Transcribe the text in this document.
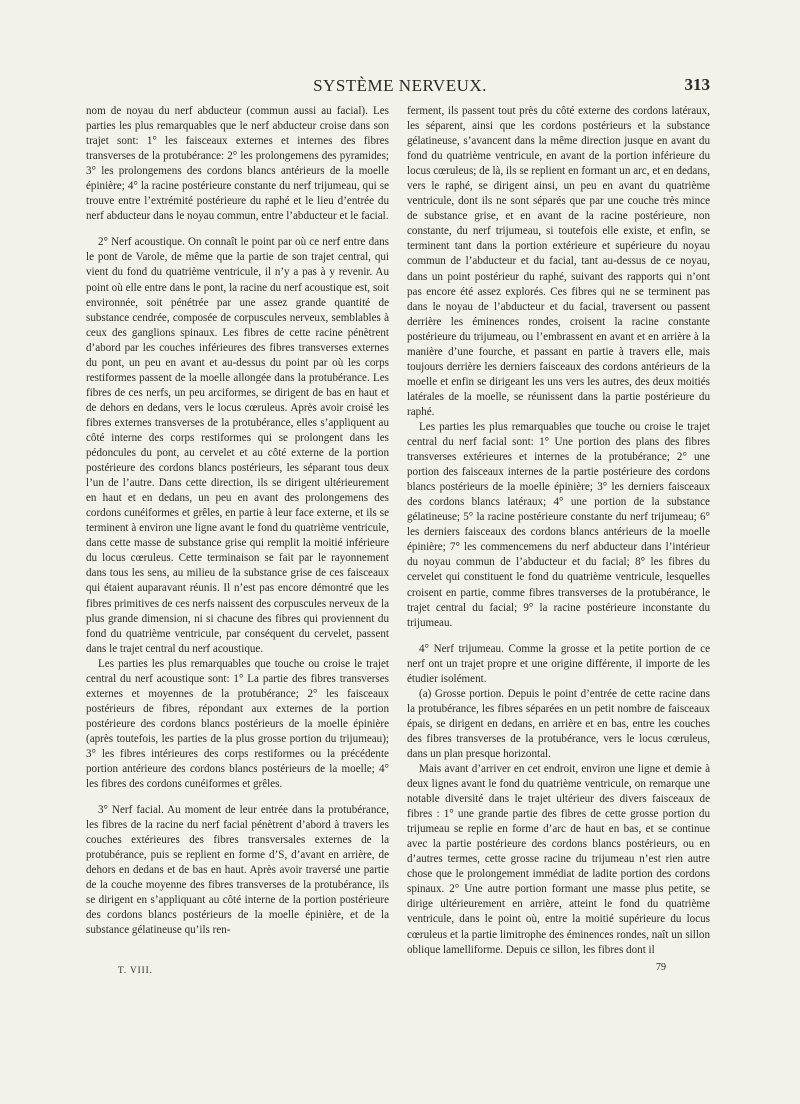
SYSTÈME NERVEUX.	313

nom de noyau du nerf abducteur (commun aussi au facial). Les parties les plus remarquables que le nerf abducteur croise dans son trajet sont: 1° les faisceaux externes et internes des fibres transverses de la protubérance: 2° les prolongemens des pyramides; 3° les prolongemens des cordons blancs antérieurs de la moelle épinière; 4° la racine postérieure constante du nerf trijumeau, qui se trouve entre l’extrémité postérieure du raphé et le lieu d’entrée du nerf abducteur dans le noyau commun, entre l’abducteur et le facial.

2° Nerf acoustique. On connaît le point par où ce nerf entre dans le pont de Varole, de même que la partie de son trajet central, qui vient du fond du quatrième ventricule, il n’y a pas à y revenir. Au point où elle entre dans le pont, la racine du nerf acoustique est, soit environnée, soit pénétrée par une assez grande quantité de substance cendrée, composée de corpuscules nerveux, semblables à ceux des ganglions spinaux. Les fibres de cette racine pénètrent d’abord par les couches inférieures des fibres transverses externes du pont, un peu en avant et au-dessus du point par où les corps restiformes passent de la moelle allongée dans la protubérance. Les fibres de ces nerfs, un peu arciformes, se dirigent de bas en haut et de dehors en dedans, vers le locus cœruleus. Après avoir croisé les fibres externes transverses de la protubérance, elles s’appliquent au côté interne des corps restiformes qui se prolongent dans les pédoncules du pont, au cervelet et au côté externe de la portion postérieure des cordons blancs postérieurs, les séparant tous deux l’un de l’autre. Dans cette direction, ils se dirigent ultérieurement en haut et en dedans, un peu en avant des prolongemens des cordons cunéiformes et grêles, en partie à leur face externe, et ils se terminent à environ une ligne avant le fond du quatrième ventricule, dans cette masse de substance grise qui remplit la moitié inférieure du locus cœruleus. Cette terminaison se fait par le rayonnement dans tous les sens, au milieu de la substance grise de ces faisceaux qui étaient auparavant réunis. Il n’est pas encore démontré que les fibres primitives de ces nerfs naissent des corpuscules nerveux de la plus grande dimension, ni si chacune des fibres qui proviennent du fond du quatrième ventricule, par conséquent du cervelet, passent dans le trajet central du nerf acoustique.

Les parties les plus remarquables que touche ou croise le trajet central du nerf acoustique sont: 1° La partie des fibres transverses externes et moyennes de la protubérance; 2° les faisceaux postérieurs de fibres, répondant aux externes de la portion postérieure des cordons blancs postérieurs de la moelle épinière (après toutefois, les parties de la plus grosse portion du trijumeau); 3° les fibres intérieures des corps restiformes ou la précédente portion antérieure des cordons blancs postérieurs de la moelle; 4° les fibres des cordons cunéiformes et grêles.

3° Nerf facial. Au moment de leur entrée dans la protubérance, les fibres de la racine du nerf facial pénètrent d’abord à travers les couches extérieures des fibres transversales externes de la protubérance, puis se replient en forme d’S, d’avant en arrière, de dehors en dedans et de bas en haut. Après avoir traversé une partie de la couche moyenne des fibres transverses de la protubérance, ils se dirigent en s’appliquant au côté interne de la portion postérieure des cordons blancs postérieurs de la moelle épinière, et de la substance gélatineuse qu’ils ren-

ferment, ils passent tout près du côté externe des cordons latéraux, les séparent, ainsi que les cordons postérieurs et la substance gélatineuse, s’avancent dans la même direction jusque en avant du fond du quatrième ventricule, en avant de la portion inférieure du locus cœruleus; de là, ils se replient en formant un arc, et en dedans, vers le raphé, se dirigent ainsi, un peu en avant du quatrième ventricule, dont ils ne sont séparés que par une couche très mince de substance grise, et en avant de la racine postérieure, non constante, du nerf trijumeau, si toutefois elle existe, et enfin, se terminent tant dans la portion extérieure et supérieure du noyau commun de l’abducteur et du facial, tant au-dessus de ce noyau, dans un point postérieur du raphé, suivant des rapports qui n’ont pas encore été assez explorés. Ces fibres qui ne se terminent pas dans le noyau de l’abducteur et du facial, traversent ou passent derrière les éminences rondes, croisent la racine constante postérieure du trijumeau, ou l’embrassent en avant et en arrière à la manière d’une fourche, et passant en partie à travers elle, mais toujours derrière les derniers faisceaux des cordons antérieurs de la moelle et enfin se dirigeant les uns vers les autres, des deux moitiés latérales de la moelle, se réunissent dans la partie postérieure du raphé.

Les parties les plus remarquables que touche ou croise le trajet central du nerf facial sont: 1° Une portion des plans des fibres transverses extérieures et internes de la protubérance; 2° une portion des faisceaux internes de la partie postérieure des cordons blancs postérieurs de la moelle épinière; 3° les derniers faisceaux des cordons blancs latéraux; 4° une portion de la substance gélatineuse; 5° la racine postérieure constante du nerf trijumeau; 6° les derniers faisceaux des cordons blancs antérieurs de la moelle épinière; 7° les commencemens du nerf abducteur dans l’intérieur du noyau commun de l’abducteur et du facial; 8° les fibres du cervelet qui constituent le fond du quatrième ventricule, lesquelles croisent en partie, comme fibres transverses de la protubérance, le trajet central du facial; 9° la racine postérieure inconstante du trijumeau.

4° Nerf trijumeau. Comme la grosse et la petite portion de ce nerf ont un trajet propre et une origine différente, il importe de les étudier isolément.

(a) Grosse portion. Depuis le point d’entrée de cette racine dans la protubérance, les fibres séparées en un petit nombre de faisceaux épais, se dirigent en dedans, en arrière et en bas, entre les couches des fibres transverses de la protubérance, vers le locus cœruleus, dans un plan presque horizontal.

Mais avant d’arriver en cet endroit, environ une ligne et demie à deux lignes avant le fond du quatrième ventricule, on remarque une notable diversité dans le trajet ultérieur des divers faisceaux de fibres : 1° une grande partie des fibres de cette grosse portion du trijumeau se replie en forme d’arc de haut en bas, et se continue avec la partie postérieure des cordons blancs postérieurs, ou en d’autres termes, cette grosse racine du trijumeau n’est rien autre chose que le prolongement immédiat de ladite portion des cordons spinaux. 2° Une autre portion formant une masse plus petite, se dirige ultérieurement en arrière, atteint le fond du quatrième ventricule, dans le point où, entre la moitié supérieure du locus cœruleus et la partie limitrophe des éminences rondes, naît un sillon oblique lamelliforme. Depuis ce sillon, les fibres dont il

T. VIII.	79
